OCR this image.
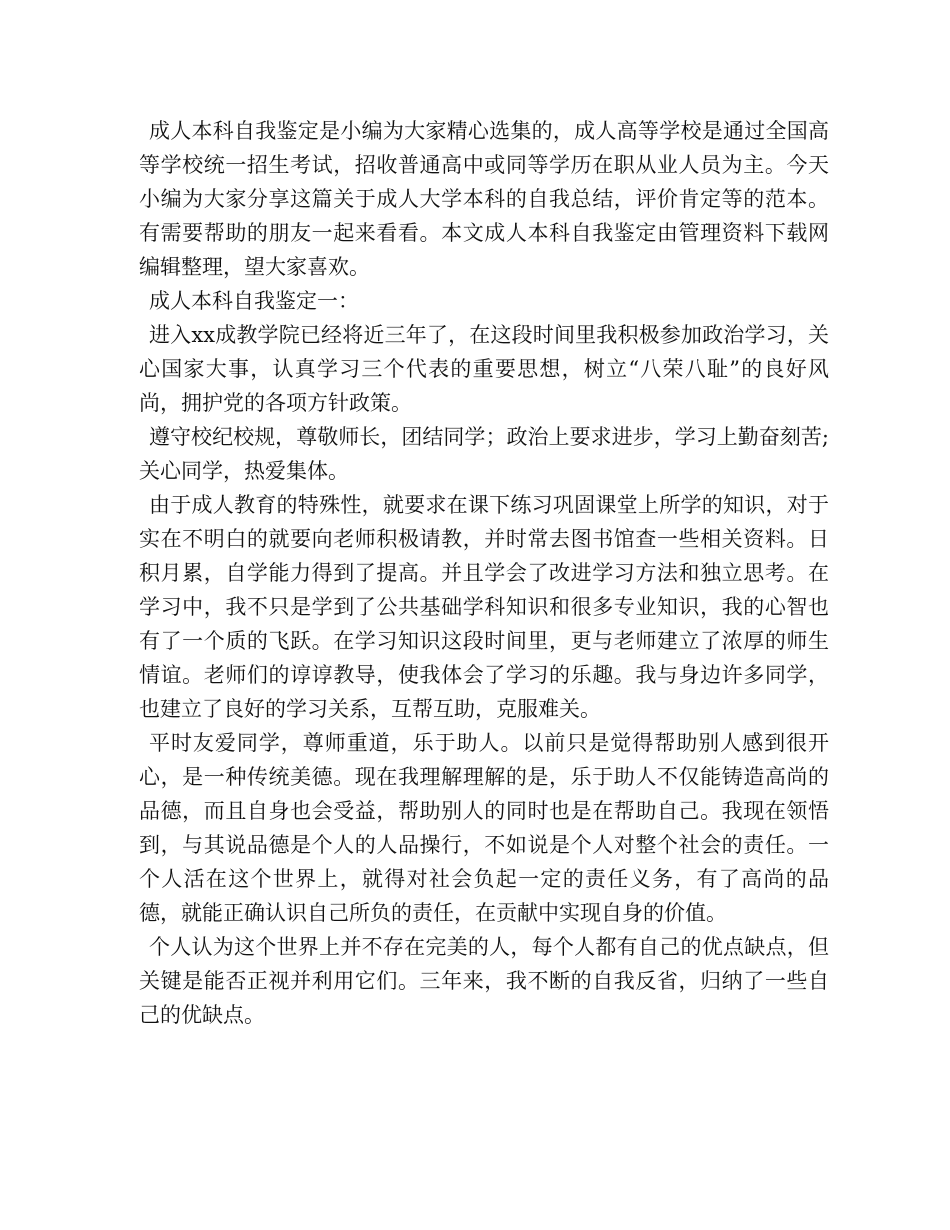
成人本科自我鉴定是小编为大家精心选集的，成人高等学校是通过全国高等学校统一招生考试，招收普通高中或同等学历在职从业人员为主。今天小编为大家分享这篇关于成人大学本科的自我总结，评价肯定等的范本。有需要帮助的朋友一起来看看。本文成人本科自我鉴定由管理资料下载网编辑整理，望大家喜欢。

成人本科自我鉴定一：

进入xx成教学院已经将近三年了，在这段时间里我积极参加政治学习，关心国家大事，认真学习三个代表的重要思想，树立“八荣八耻”的良好风尚，拥护党的各项方针政策。

遵守校纪校规，尊敬师长，团结同学；政治上要求进步，学习上勤奋刻苦;关心同学，热爱集体。

由于成人教育的特殊性，就要求在课下练习巩固课堂上所学的知识，对于实在不明白的就要向老师积极请教，并时常去图书馆查一些相关资料。日积月累，自学能力得到了提高。并且学会了改进学习方法和独立思考。在学习中，我不只是学到了公共基础学科知识和很多专业知识，我的心智也有了一个质的飞跃。在学习知识这段时间里，更与老师建立了浓厚的师生情谊。老师们的谆谆教导，使我体会了学习的乐趣。我与身边许多同学，也建立了良好的学习关系，互帮互助，克服难关。

平时友爱同学，尊师重道，乐于助人。以前只是觉得帮助别人感到很开心，是一种传统美德。现在我理解理解的是，乐于助人不仅能铸造高尚的品德，而且自身也会受益，帮助别人的同时也是在帮助自己。我现在领悟到，与其说品德是个人的人品操行，不如说是个人对整个社会的责任。一个人活在这个世界上，就得对社会负起一定的责任义务，有了高尚的品德，就能正确认识自己所负的责任，在贡献中实现自身的价值。

个人认为这个世界上并不存在完美的人，每个人都有自己的优点缺点，但关键是能否正视并利用它们。三年来，我不断的自我反省，归纳了一些自己的优缺点。
